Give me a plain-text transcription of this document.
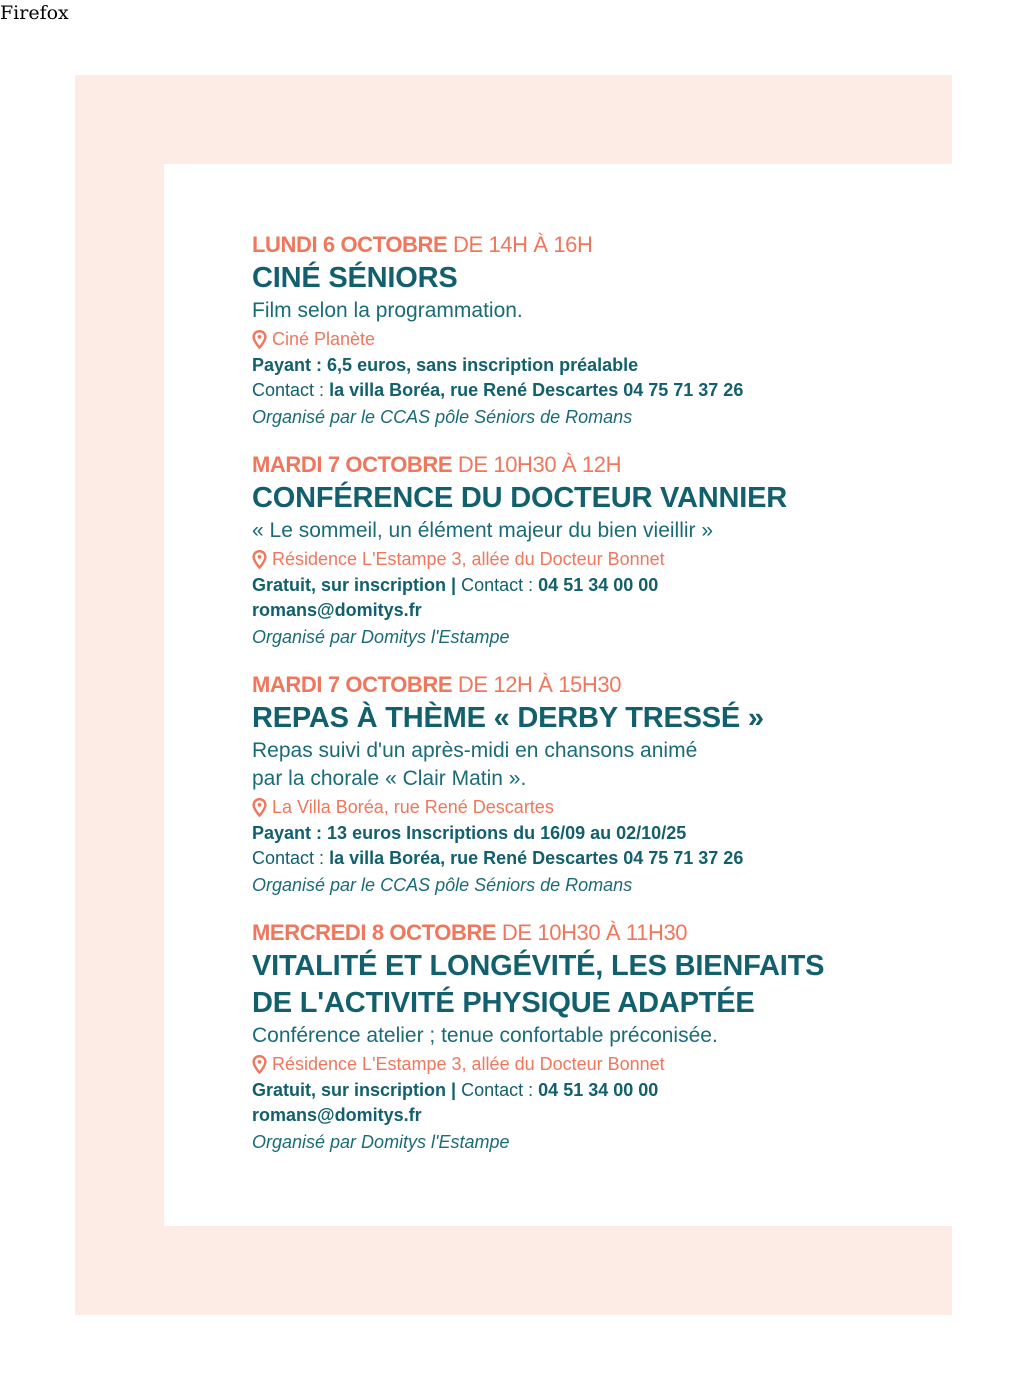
Firefox
LUNDI 6 OCTOBRE DE 14H À 16H
CINÉ SÉNIORS
Film selon la programmation.
Ciné Planète
Payant : 6,5 euros, sans inscription préalable
Contact : la villa Boréa, rue René Descartes 04 75 71 37 26
Organisé par le CCAS pôle Séniors de Romans
MARDI 7 OCTOBRE DE 10H30 À 12H
CONFÉRENCE DU DOCTEUR VANNIER
« Le sommeil, un élément majeur du bien vieillir »
Résidence L'Estampe 3, allée du Docteur Bonnet
Gratuit, sur inscription | Contact : 04 51 34 00 00
romans@domitys.fr
Organisé par Domitys l'Estampe
MARDI 7 OCTOBRE DE 12H À 15H30
REPAS À THÈME « DERBY TRESSÉ »
Repas suivi d'un après-midi en chansons animé
par la chorale « Clair Matin ».
La Villa Boréa, rue René Descartes
Payant : 13 euros Inscriptions du 16/09 au 02/10/25
Contact : la villa Boréa, rue René Descartes 04 75 71 37 26
Organisé par le CCAS pôle Séniors de Romans
MERCREDI 8 OCTOBRE DE 10H30 À 11H30
VITALITÉ ET LONGÉVITÉ, LES BIENFAITS
DE L'ACTIVITÉ PHYSIQUE ADAPTÉE
Conférence atelier ; tenue confortable préconisée.
Résidence L'Estampe 3, allée du Docteur Bonnet
Gratuit, sur inscription | Contact : 04 51 34 00 00
romans@domitys.fr
Organisé par Domitys l'Estampe
